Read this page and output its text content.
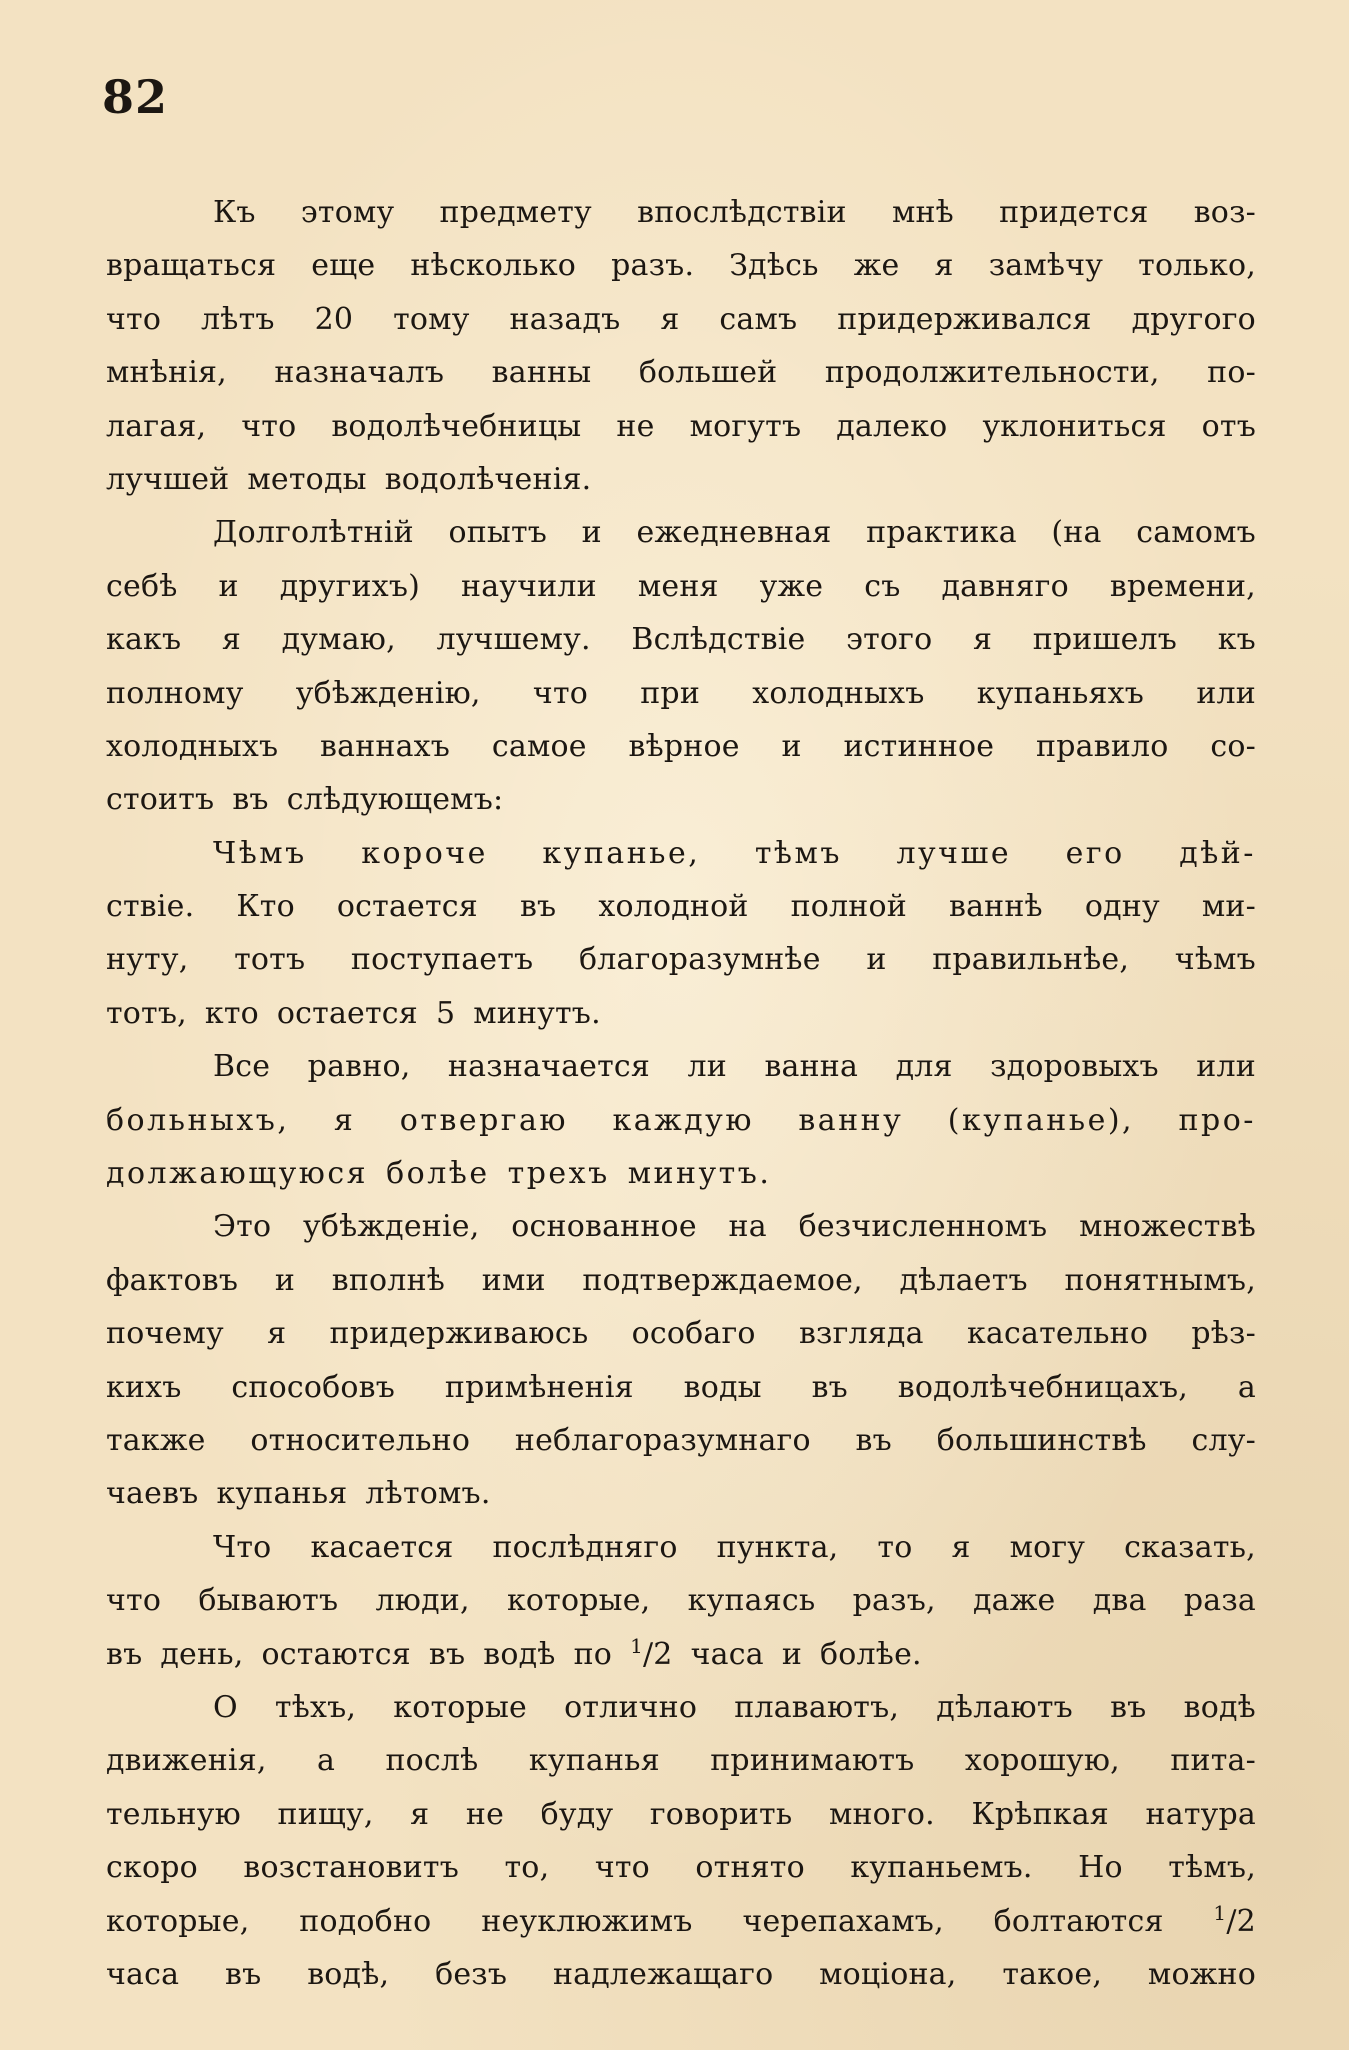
82
Къ этому предмету впослѣдствіи мнѣ придется воз-
вращаться еще нѣсколько разъ. Здѣсь же я замѣчу только,
что лѣтъ 20 тому назадъ я самъ придерживался другого
мнѣнія, назначалъ ванны большей продолжительности, по-
лагая, что водолѣчебницы не могутъ далеко уклониться отъ
лучшей методы водолѣченія.
Долголѣтній опытъ и ежедневная практика (на самомъ
себѣ и другихъ) научили меня уже съ давняго времени,
какъ я думаю, лучшему. Вслѣдствіе этого я пришелъ къ
полному убѣжденію, что при холодныхъ купаньяхъ или
холодныхъ ваннахъ самое вѣрное и истинное правило со-
стоитъ въ слѣдующемъ:
Чѣмъ короче купанье, тѣмъ лучше его дѣй-
ствіе. Кто остается въ холодной полной ваннѣ одну ми-
нуту, тотъ поступаетъ благоразумнѣе и правильнѣе, чѣмъ
тотъ, кто остается 5 минутъ.
Все равно, назначается ли ванна для здоровыхъ или
больныхъ, я отвергаю каждую ванну (купанье), про-
должающуюся болѣе трехъ минутъ.
Это убѣжденіе, основанное на безчисленномъ множествѣ
фактовъ и вполнѣ ими подтверждаемое, дѣлаетъ понятнымъ,
почему я придерживаюсь особаго взгляда касательно рѣз-
кихъ способовъ примѣненія воды въ водолѣчебницахъ, а
также относительно неблагоразумнаго въ большинствѣ слу-
чаевъ купанья лѣтомъ.
Что касается послѣдняго пункта, то я могу сказать,
что бываютъ люди, которые, купаясь разъ, даже два раза
въ день, остаются въ водѣ по $^1$/2 часа и болѣе.
О тѣхъ, которые отлично плаваютъ, дѣлаютъ въ водѣ
движенія, а послѣ купанья принимаютъ хорошую, пита-
тельную пищу, я не буду говорить много. Крѣпкая натура
скоро возстановитъ то, что отнято купаньемъ. Но тѣмъ,
которые, подобно неуклюжимъ черепахамъ, болтаются $^1$/2
часа въ водѣ, безъ надлежащаго моціона, такое, можно
